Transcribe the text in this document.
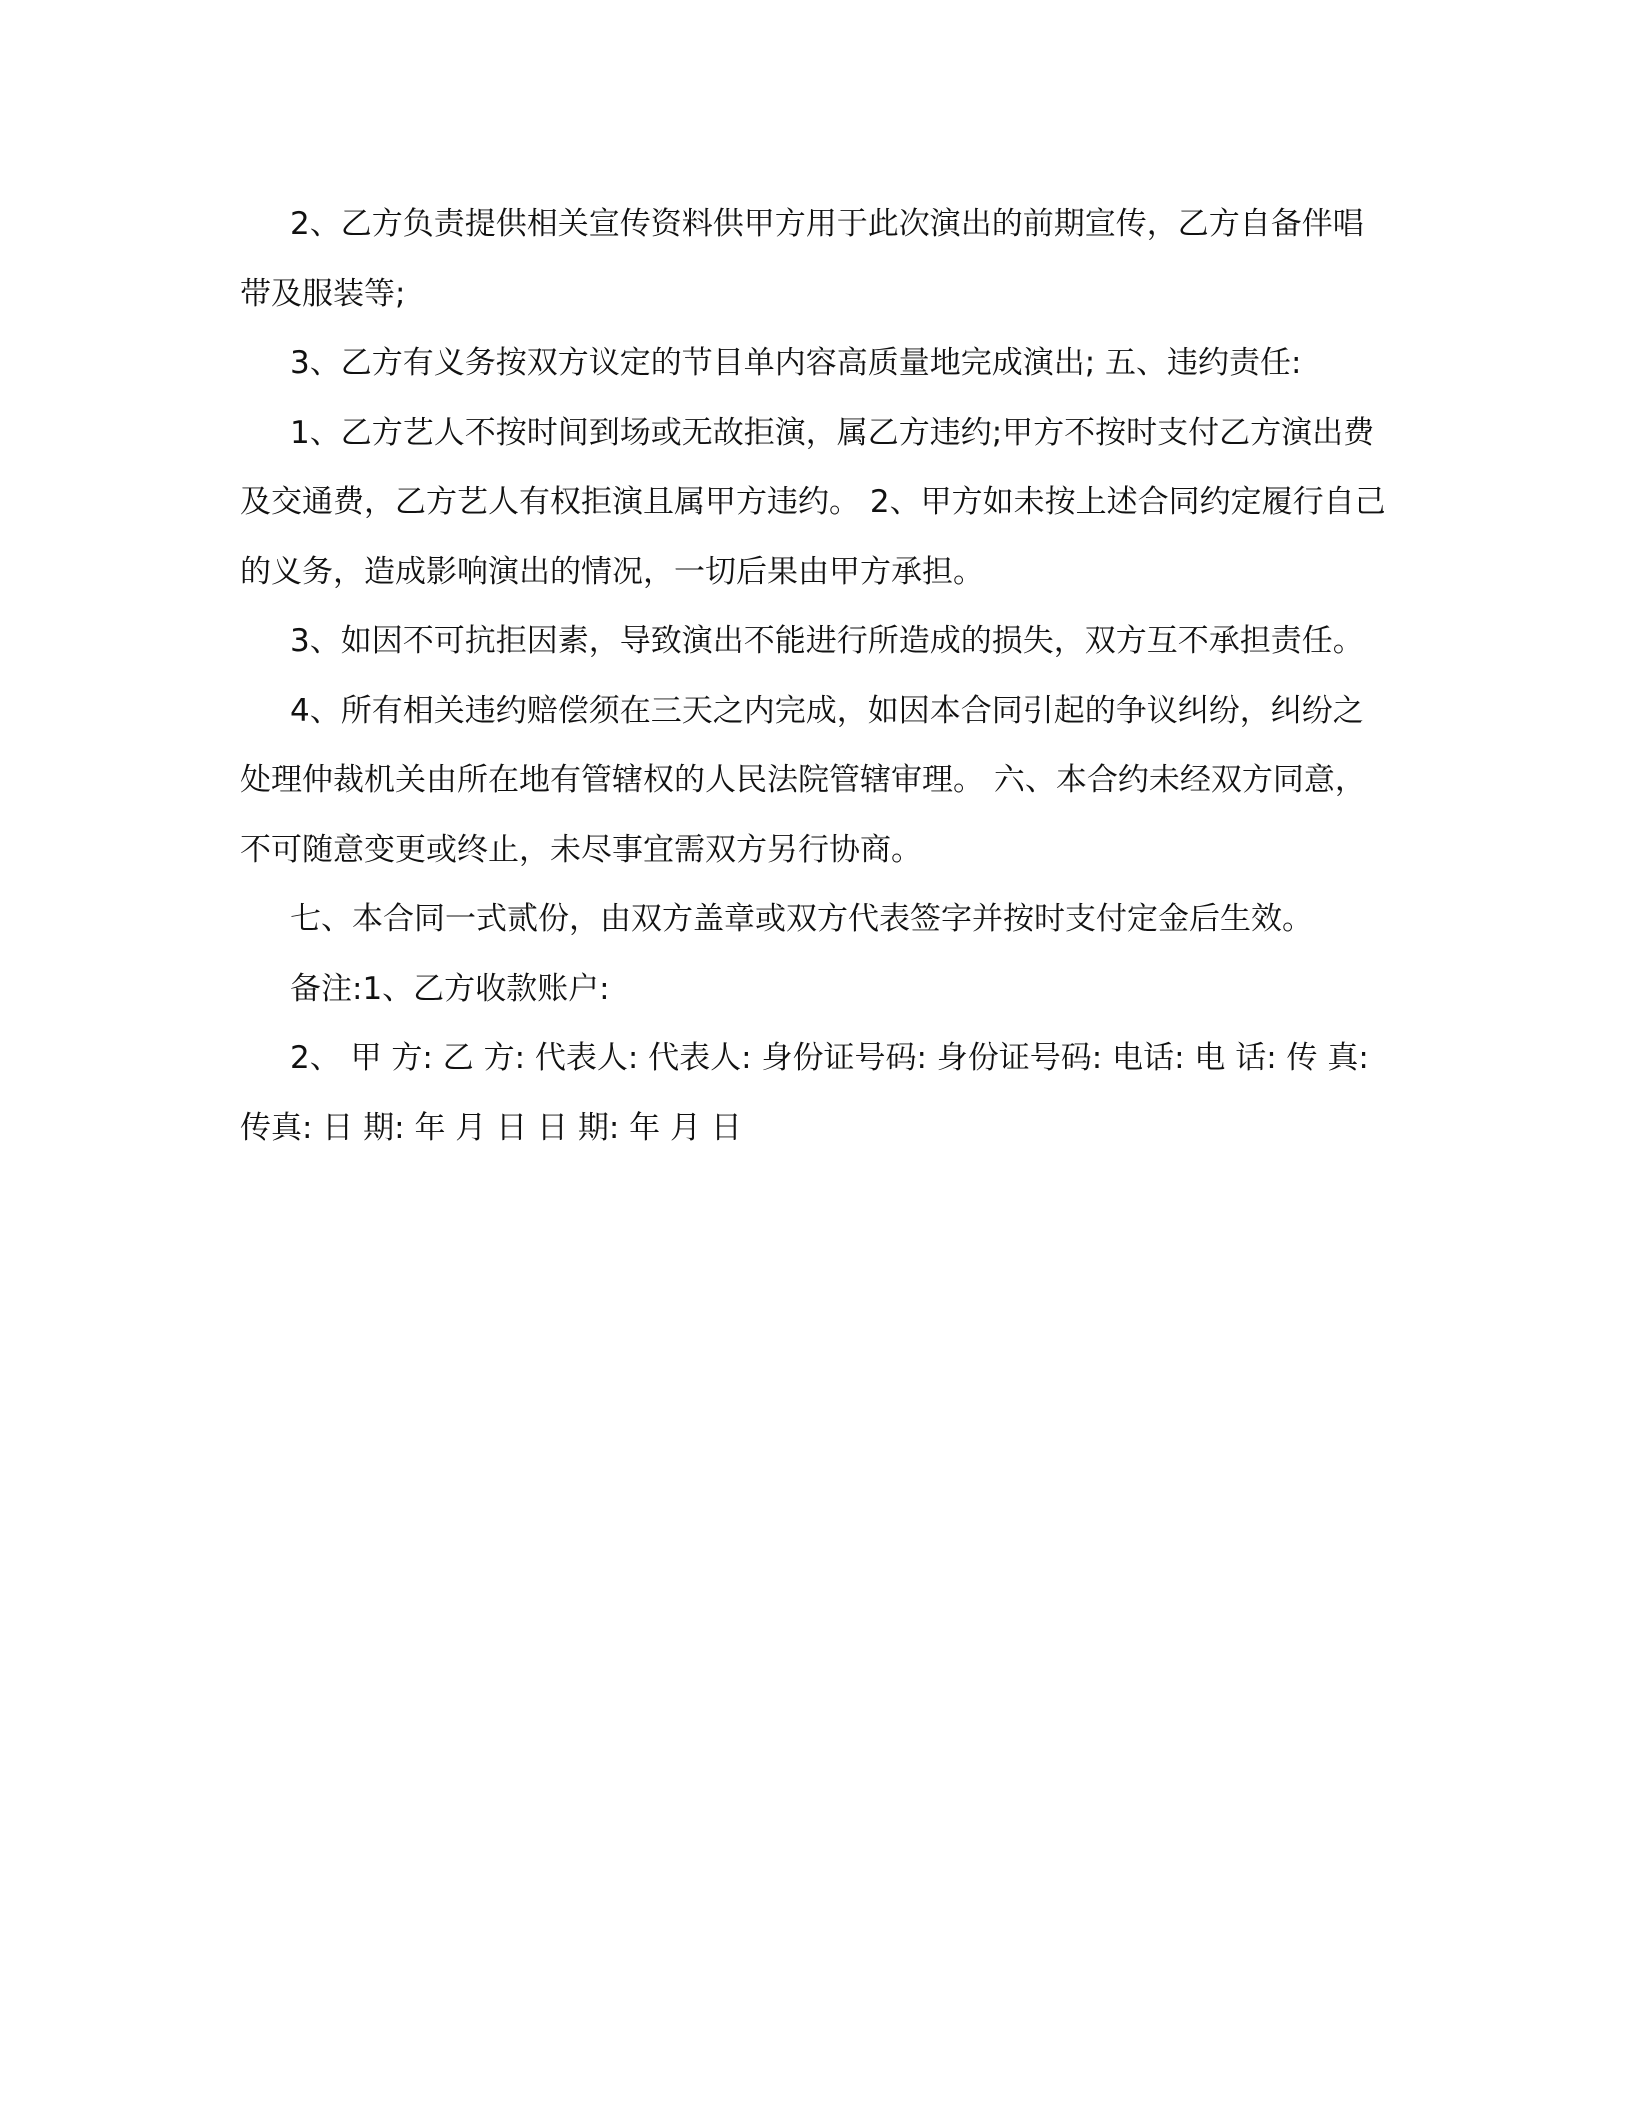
2、乙方负责提供相关宣传资料供甲方用于此次演出的前期宣传，乙方自备伴唱带及服装等;

3、乙方有义务按双方议定的节目单内容高质量地完成演出; 五、违约责任:

1、乙方艺人不按时间到场或无故拒演，属乙方违约;甲方不按时支付乙方演出费及交通费，乙方艺人有权拒演且属甲方违约。 2、甲方如未按上述合同约定履行自己的义务，造成影响演出的情况，一切后果由甲方承担。

3、如因不可抗拒因素，导致演出不能进行所造成的损失，双方互不承担责任。

4、所有相关违约赔偿须在三天之内完成，如因本合同引起的争议纠纷，纠纷之处理仲裁机关由所在地有管辖权的人民法院管辖审理。 六、本合约未经双方同意，不可随意变更或终止，未尽事宜需双方另行协商。

七、本合同一式贰份，由双方盖章或双方代表签字并按时支付定金后生效。

备注:1、乙方收款账户:

2、 甲 方: 乙 方: 代表人: 代表人: 身份证号码: 身份证号码: 电话: 电 话: 传 真: 传真: 日 期: 年 月 日 日 期: 年 月 日
